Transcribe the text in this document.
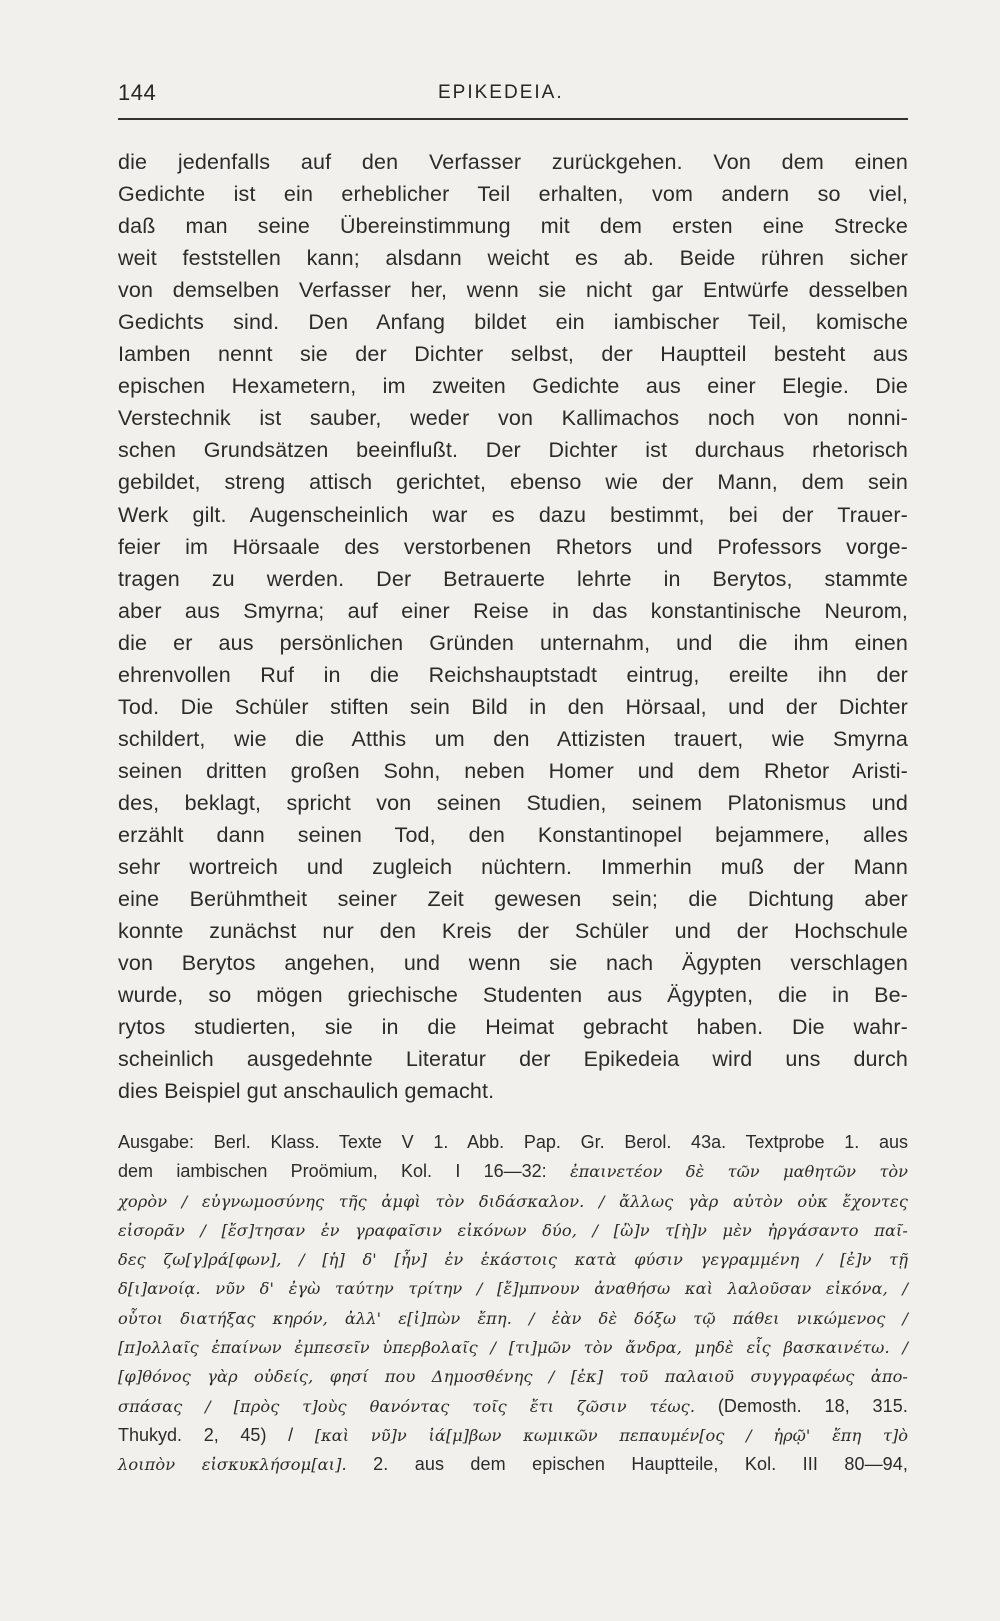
144	EPIKEDEIA.
die jedenfalls auf den Verfasser zurückgehen. Von dem einen
Gedichte ist ein erheblicher Teil erhalten, vom andern so viel,
daß man seine Übereinstimmung mit dem ersten eine Strecke
weit feststellen kann; alsdann weicht es ab. Beide rühren sicher
von demselben Verfasser her, wenn sie nicht gar Entwürfe desselben
Gedichts sind. Den Anfang bildet ein iambischer Teil, komische
Iamben nennt sie der Dichter selbst, der Hauptteil besteht aus
epischen Hexametern, im zweiten Gedichte aus einer Elegie. Die
Verstechnik ist sauber, weder von Kallimachos noch von nonni-
schen Grundsätzen beeinflußt. Der Dichter ist durchaus rhetorisch
gebildet, streng attisch gerichtet, ebenso wie der Mann, dem sein
Werk gilt. Augenscheinlich war es dazu bestimmt, bei der Trauer-
feier im Hörsaale des verstorbenen Rhetors und Professors vorge-
tragen zu werden. Der Betrauerte lehrte in Berytos, stammte
aber aus Smyrna; auf einer Reise in das konstantinische Neurom,
die er aus persönlichen Gründen unternahm, und die ihm einen
ehrenvollen Ruf in die Reichshauptstadt eintrug, ereilte ihn der
Tod. Die Schüler stiften sein Bild in den Hörsaal, und der Dichter
schildert, wie die Atthis um den Attizisten trauert, wie Smyrna
seinen dritten großen Sohn, neben Homer und dem Rhetor Aristi-
des, beklagt, spricht von seinen Studien, seinem Platonismus und
erzählt dann seinen Tod, den Konstantinopel bejammere, alles
sehr wortreich und zugleich nüchtern. Immerhin muß der Mann
eine Berühmtheit seiner Zeit gewesen sein; die Dichtung aber
konnte zunächst nur den Kreis der Schüler und der Hochschule
von Berytos angehen, und wenn sie nach Ägypten verschlagen
wurde, so mögen griechische Studenten aus Ägypten, die in Be-
rytos studierten, sie in die Heimat gebracht haben. Die wahr-
scheinlich ausgedehnte Literatur der Epikedeia wird uns durch
dies Beispiel gut anschaulich gemacht.
Ausgabe: Berl. Klass. Texte V 1. Abb. Pap. Gr. Berol. 43a. Textprobe 1. aus
dem iambischen Proömium, Kol. I 16—32: ἐπαινετέον δὲ τῶν μαθητῶν τὸν
χορὸν / εὐγνωμοσύνης τῆς ἀμφὶ τὸν διδάσκαλον. / ἄλλως γὰρ αὐτὸν οὐκ ἔχοντες
εἰσορᾶν / [ἔσ]τησαν ἐν γραφαῖσιν εἰκόνων δύο, / [ὣ]ν τ[ὴ]ν μὲν ἠργάσαντο παῖ-
δες ζω[γ]ρά[φων], / [ἡ] δ' [ἦν] ἐν ἑκάστοις κατὰ φύσιν γεγραμμένη / [ἐ]ν τῇ
δ[ι]ανοίᾳ. νῦν δ' ἐγὼ ταύτην τρίτην / [ἔ]μπνουν ἀναθήσω καὶ λαλοῦσαν εἰκόνα, /
οὗτοι διατήξας κηρόν, ἀλλ' ε[ἰ]πὼν ἔπη. / ἐὰν δὲ δόξω τῷ πάθει νικώμενος /
[π]ολλαῖς ἐπαίνων ἐμπεσεῖν ὑπερβολαῖς / [τι]μῶν τὸν ἄνδρα, μηδὲ εἷς βασκαινέτω. /
[φ]θόνος γὰρ οὐδείς, φησί που Δημοσθένης / [ἐκ] τοῦ παλαιοῦ συγγραφέως ἀπο-
σπάσας / [πρὸς τ]οὺς θανόντας τοῖς ἔτι ζῶσιν τέως. (Demosth. 18, 315.
Thukyd. 2, 45) / [καὶ νῦ]ν ἰά[μ]βων κωμικῶν πεπαυμέν[ος / ἡρῷ' ἔπη τ]ὸ
λοιπὸν εἰσκυκλήσομ[αι]. 2. aus dem epischen Hauptteile, Kol. III 80—94,
